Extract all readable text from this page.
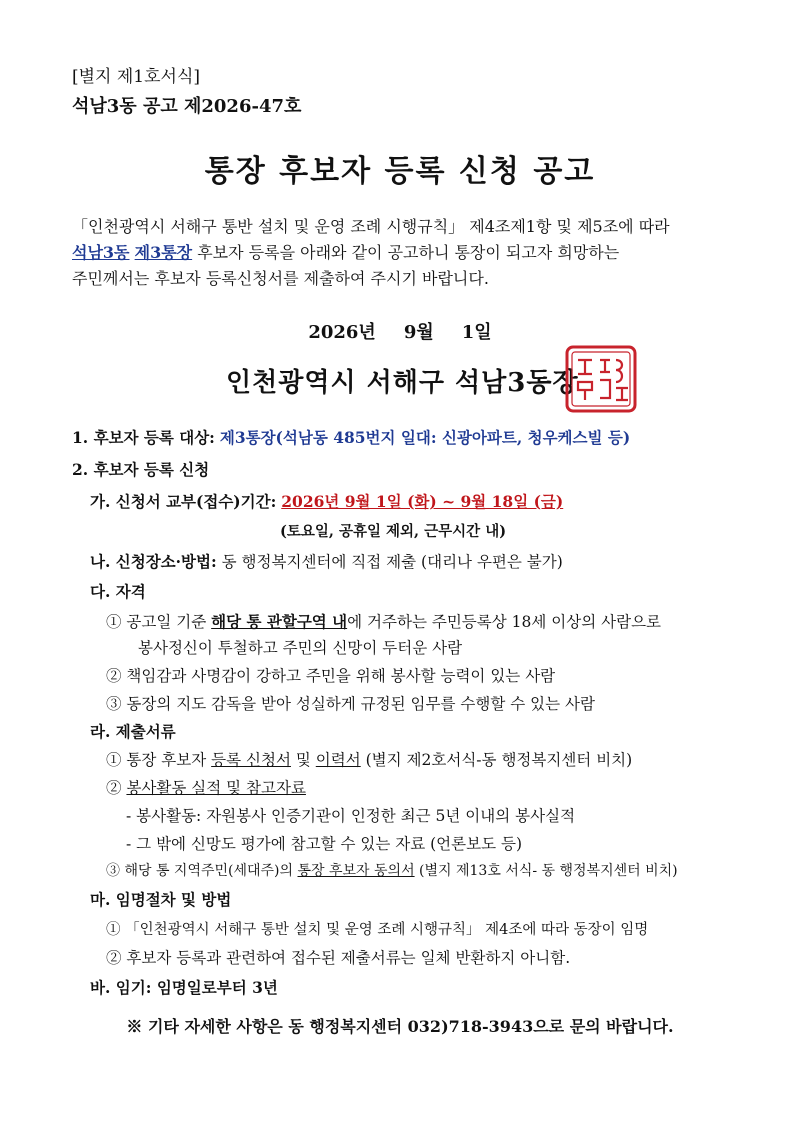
[별지 제1호서식]
석남3동 공고 제2026-47호
통장 후보자 등록 신청 공고
「인천광역시 서해구 통반 설치 및 운영 조례 시행규칙」 제4조제1항 및 제5조에 따라
석남3동 제3통장 후보자 등록을 아래와 같이 공고하니 통장이 되고자 희망하는
주민께서는 후보자 등록신청서를 제출하여 주시기 바랍니다.
2026년 9월 1일
인천광역시 서해구 석남3동장
1. 후보자 등록 대상: 제3통장(석남동 485번지 일대: 신광아파트, 청우케스빌 등)
2. 후보자 등록 신청
가. 신청서 교부(접수)기간: 2026년 9월 1일 (화) ~ 9월 18일 (금)
(토요일, 공휴일 제외, 근무시간 내)
나. 신청장소·방법: 동 행정복지센터에 직접 제출 (대리나 우편은 불가)
다. 자격
① 공고일 기준 해당 통 관할구역 내에 거주하는 주민등록상 18세 이상의 사람으로
봉사정신이 투철하고 주민의 신망이 두터운 사람
② 책임감과 사명감이 강하고 주민을 위해 봉사할 능력이 있는 사람
③ 동장의 지도 감독을 받아 성실하게 규정된 임무를 수행할 수 있는 사람
라. 제출서류
① 통장 후보자 등록 신청서 및 이력서 (별지 제2호서식-동 행정복지센터 비치)
② 봉사활동 실적 및 참고자료
- 봉사활동: 자원봉사 인증기관이 인정한 최근 5년 이내의 봉사실적
- 그 밖에 신망도 평가에 참고할 수 있는 자료 (언론보도 등)
③ 해당 통 지역주민(세대주)의 통장 후보자 동의서 (별지 제13호 서식- 동 행정복지센터 비치)
마. 임명절차 및 방법
① 「인천광역시 서해구 통반 설치 및 운영 조례 시행규칙」 제4조에 따라 동장이 임명
② 후보자 등록과 관련하여 접수된 제출서류는 일체 반환하지 아니함.
바. 임기: 임명일로부터 3년
※ 기타 자세한 사항은 동 행정복지센터 032)718-3943으로 문의 바랍니다.
